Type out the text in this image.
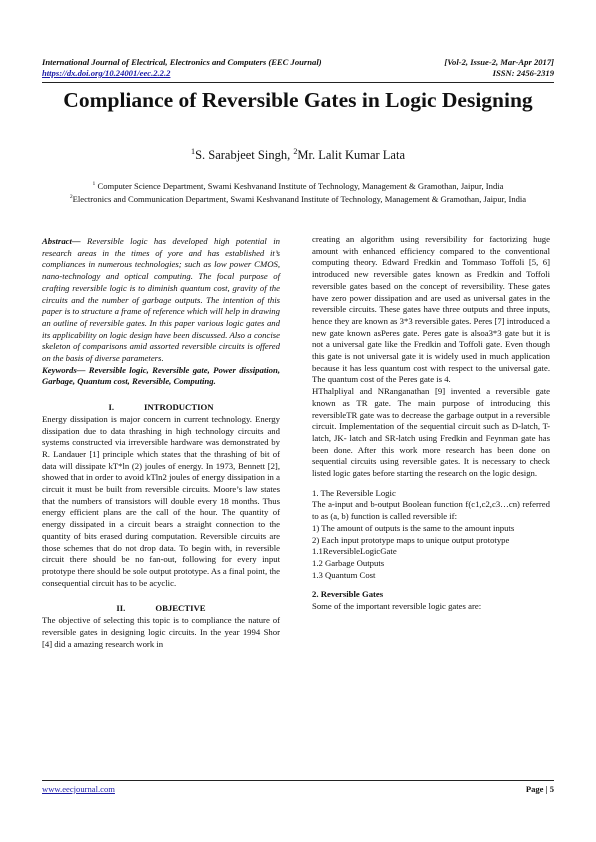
International Journal of Electrical, Electronics and Computers (EEC Journal)	[Vol-2, Issue-2, Mar-Apr 2017]
https://dx.doi.org/10.24001/eec.2.2.2	ISSN: 2456-2319
Compliance of Reversible Gates in Logic Designing
$^1$S. Sarabjeet Singh, $^2$Mr. Lalit Kumar Lata
$^1$ Computer Science Department, Swami Keshvanand Institute of Technology, Management & Gramothan, Jaipur, India
$^2$Electronics and Communication Department, Swami Keshvanand Institute of Technology, Management & Gramothan, Jaipur, India

Abstract— Reversible logic has developed high potential in research areas in the times of yore and has established it’s compliances in numerous technologies; such as low power CMOS, nano-technology and optical computing. The focal purpose of crafting reversible logic is to diminish quantum cost, gravity of the circuits and the number of garbage outputs. The intention of this paper is to structure a frame of reference which will help in drawing an outline of reversible gates. In this paper various logic gates and its applicability on logic design have been discussed. Also a concise skeleton of comparisons amid assorted reversible circuits is offered on the basis of diverse parameters.

Keywords— Reversible logic, Reversible gate, Power dissipation, Garbage, Quantum cost, Reversible, Computing.

I.	INTRODUCTION

Energy dissipation is major concern in current technology. Energy dissipation due to data thrashing in high technology circuits and systems constructed via irreversible hardware was demonstrated by R. Landauer [1] principle which states that the thrashing of bit of data will dissipate kT*ln (2) joules of energy. In 1973, Bennett [2], showed that in order to avoid kTln2 joules of energy dissipation in a circuit it must be built from reversible circuits. Moore’s law states that the numbers of transistors will double every 18 months. Thus energy efficient plans are the call of the hour. The quantity of energy dissipated in a circuit bears a straight connection to the quantity of bits erased during computation. Reversible circuits are those schemes that do not drop data. To begin with, in reversible circuit there should be no fan-out, following for every input prototype there should be sole output prototype. As a final point, the consequential circuit has to be acyclic.

II.	OBJECTIVE

The objective of selecting this topic is to compliance the nature of reversible gates in designing logic circuits. In the year 1994 Shor [4] did a amazing research work in

creating an algorithm using reversibility for factorizing huge amount with enhanced efficiency compared to the conventional computing theory. Edward Fredkin and Tommaso Toffoli [5, 6] introduced new reversible gates known as Fredkin and Toffoli reversible gates based on the concept of reversibility. These gates have zero power dissipation and are used as universal gates in the reversible circuits. These gates have three outputs and three inputs, hence they are known as 3*3 reversible gates. Peres [7] introduced a new gate known asPeres gate. Peres gate is alsoa3*3 gate but it is not a universal gate like the Fredkin and Toffoli gate. Even though this gate is not universal gate it is widely used in much application because it has less quantum cost with respect to the universal gate. The quantum cost of the Peres gate is 4.

HThalpliyal and NRanganathan [9] invented a reversible gate known as TR gate. The main purpose of introducing this reversibleTR gate was to decrease the garbage output in a reversible circuit. Implementation of the sequential circuit such as D-latch, T-latch, JK- latch and SR-latch using Fredkin and Feynman gate has been done. After this work more research has been done on sequential circuits using reversible gates. It is necessary to check listed logic gates before starting the research on the logic design.

1. The Reversible Logic

The a-input and b-output Boolean function f(c1,c2,c3…cn) referred to as (a, b) function is called reversible if:

1) The amount of outputs is the same to the amount inputs

2) Each input prototype maps to unique output prototype

1.1ReversibleLogicGate

1.2 Garbage Outputs

1.3 Quantum Cost

2. Reversible Gates

Some of the important reversible logic gates are:

www.eecjournal.com	Page | 5
